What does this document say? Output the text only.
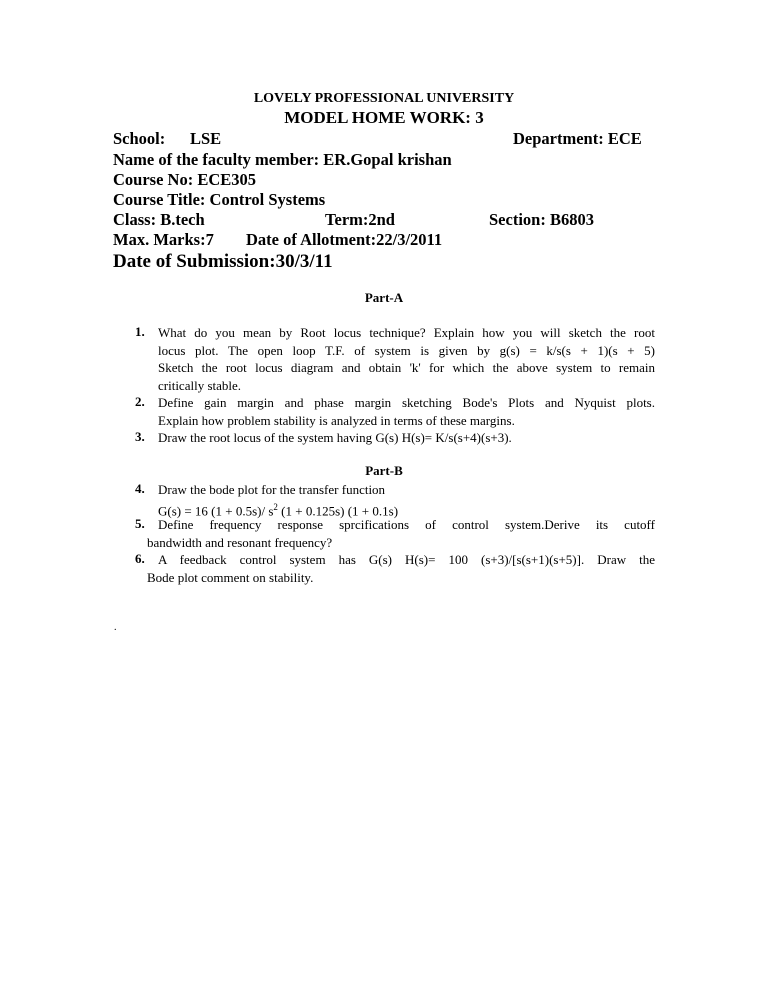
LOVELY PROFESSIONAL UNIVERSITY
MODEL HOME WORK: 3
School: LSE	Department: ECE
Name of the faculty member: ER.Gopal krishan
Course No: ECE305
Course Title: Control Systems
Class: B.tech	Term:2nd	Section: B6803
Max. Marks:7 Date of Allotment:22/3/2011
Date of Submission:30/3/11
Part-A
1. What do you mean by Root locus technique? Explain how you will sketch the root
locus plot. The open loop T.F. of system is given by g(s) = k/s(s + 1)(s + 5)
Sketch the root locus diagram and obtain 'k' for which the above system to remain
critically stable.
2. Define gain margin and phase margin sketching Bode's Plots and Nyquist plots.
Explain how problem stability is analyzed in terms of these margins.
3. Draw the root locus of the system having G(s) H(s)= K/s(s+4)(s+3).
Part-B
4. Draw the bode plot for the transfer function
G(s) = 16 (1 + 0.5s)/ $s^2$ (1 + 0.125s) (1 + 0.1s)
5.	Define frequency response sprcifications of control system.Derive its cutoff
bandwidth and resonant frequency?
6.	A feedback control system has G(s) H(s)= 100 (s+3)/[s(s+1)(s+5)]. Draw the
Bode plot comment on stability.
.
